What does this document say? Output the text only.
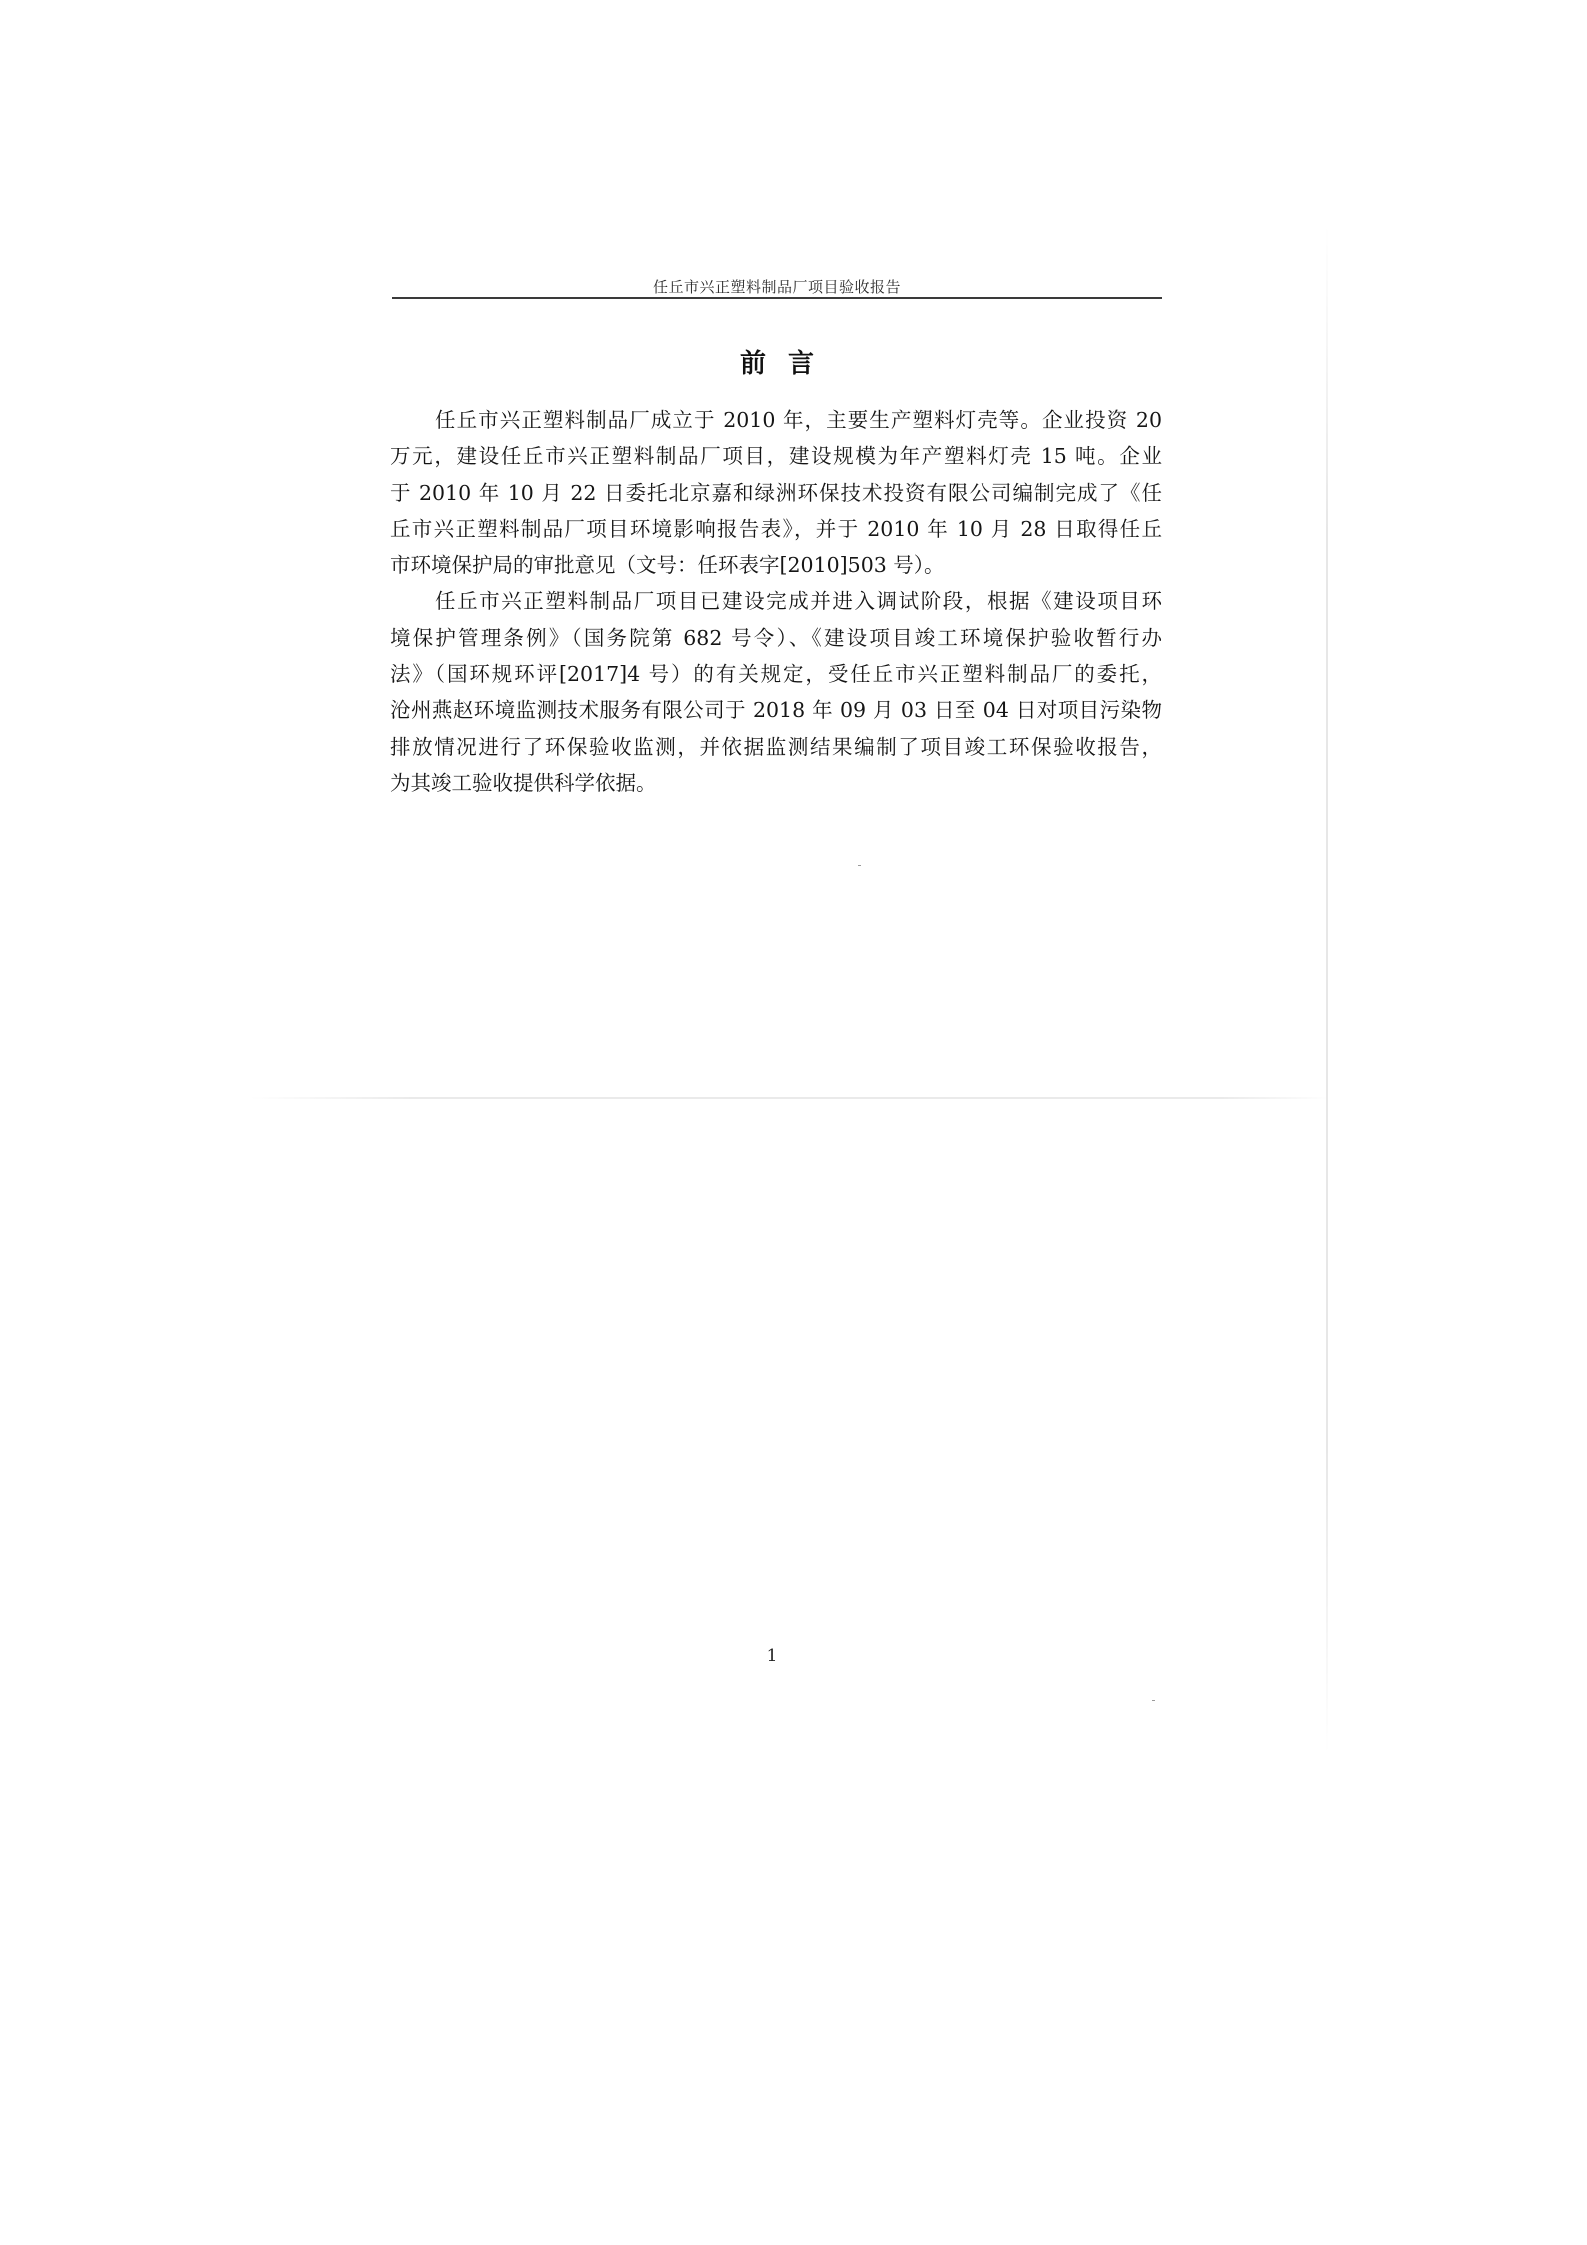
任丘市兴正塑料制品厂项目验收报告
前言

任丘市兴正塑料制品厂成立于 2010 年，主要生产塑料灯壳等。企业投资 20
万元，建设任丘市兴正塑料制品厂项目，建设规模为年产塑料灯壳 15 吨。企业
于 2010 年 10 月 22 日委托北京嘉和绿洲环保技术投资有限公司编制完成了《任
丘市兴正塑料制品厂项目环境影响报告表》，并于 2010 年 10 月 28 日取得任丘
市环境保护局的审批意见（文号：任环表字[2010]503 号）。

任丘市兴正塑料制品厂项目已建设完成并进入调试阶段，根据《建设项目环
境保护管理条例》（国务院第 682 号令）、《建设项目竣工环境保护验收暂行办
法》（国环规环评[2017]4 号）的有关规定，受任丘市兴正塑料制品厂的委托，
沧州燕赵环境监测技术服务有限公司于 2018 年 09 月 03 日至 04 日对项目污染物
排放情况进行了环保验收监测，并依据监测结果编制了项目竣工环保验收报告，
为其竣工验收提供科学依据。

1
